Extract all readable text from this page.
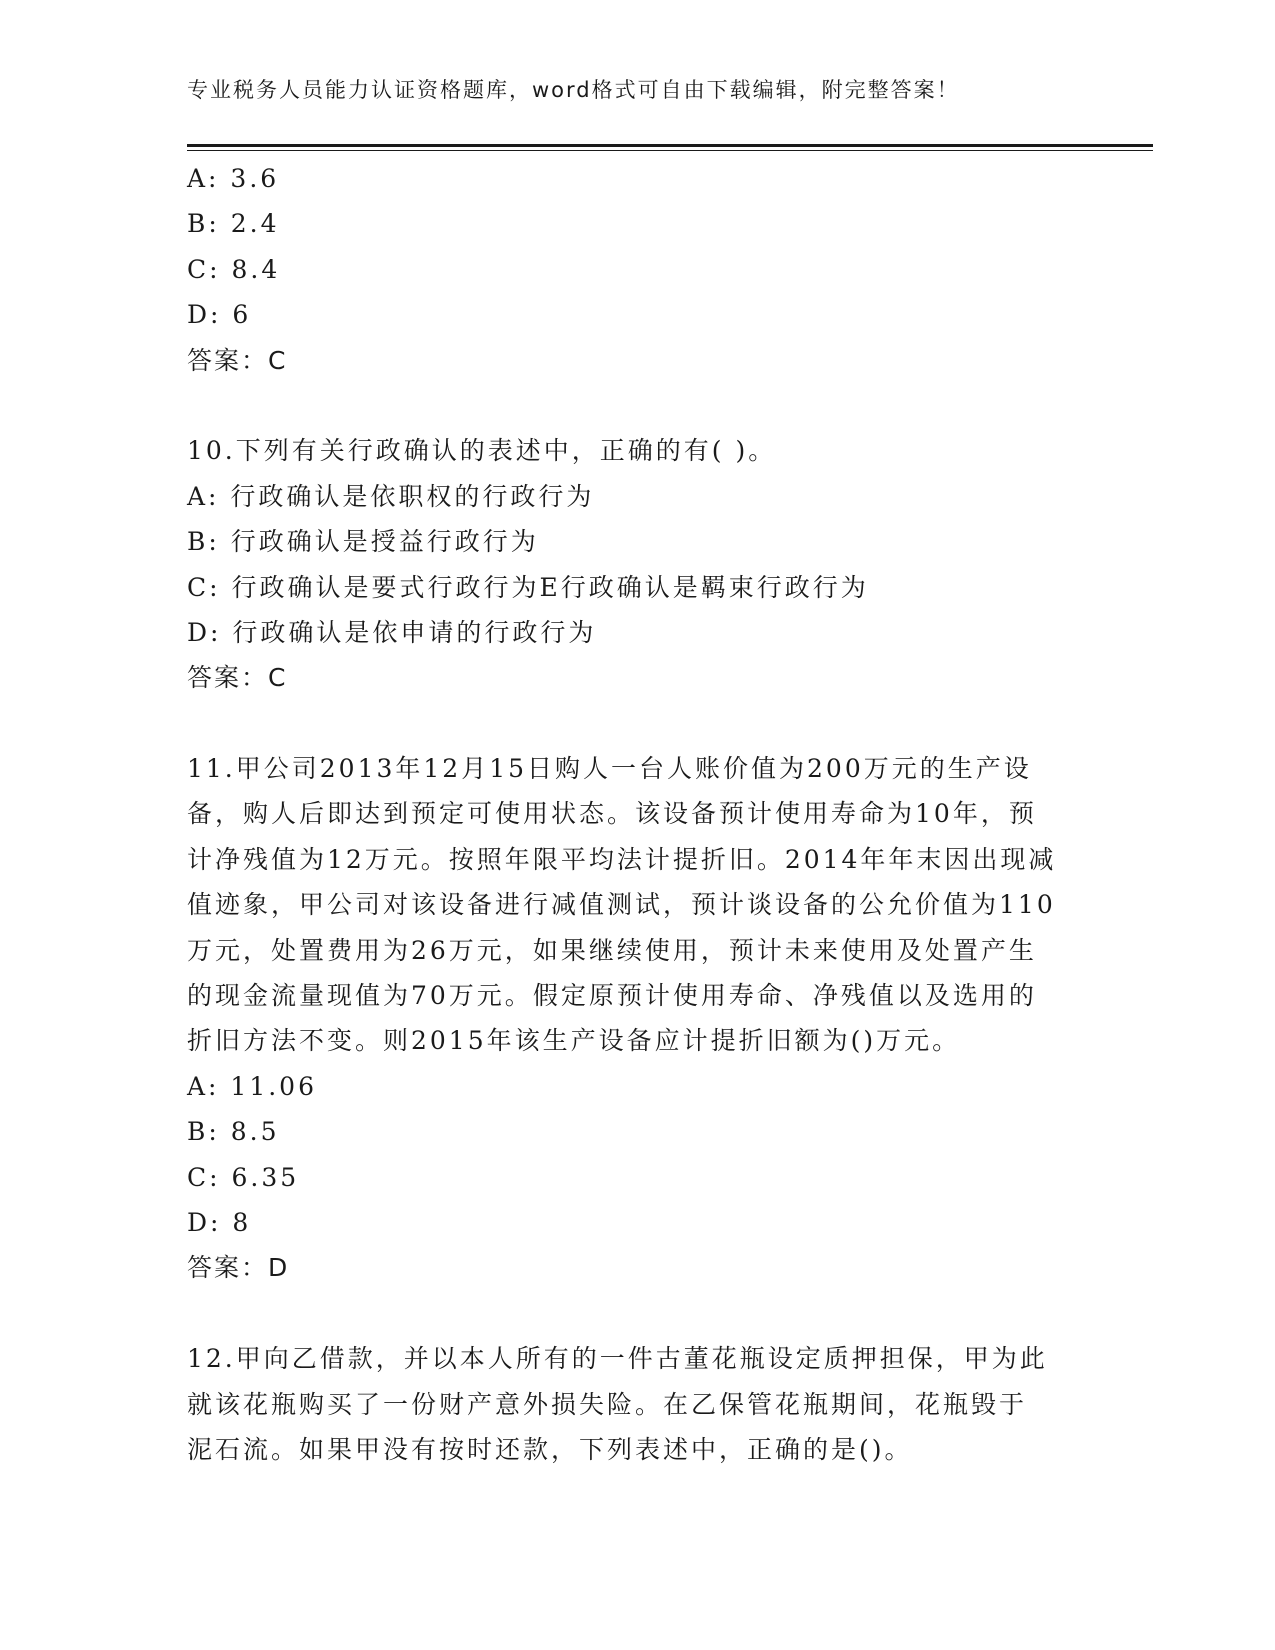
专业税务人员能力认证资格题库，word格式可自由下载编辑，附完整答案！
A: 3.6
B: 2.4
C: 8.4
D: 6
答案：C
10.下列有关行政确认的表述中，正确的有( )。
A: 行政确认是依职权的行政行为
B: 行政确认是授益行政行为
C: 行政确认是要式行政行为E行政确认是羁束行政行为
D: 行政确认是依申请的行政行为
答案：C
11.甲公司2013年12月15日购人一台人账价值为200万元的生产设
备，购人后即达到预定可使用状态。该设备预计使用寿命为10年，预
计净残值为12万元。按照年限平均法计提折旧。2014年年末因出现减
值迹象，甲公司对该设备进行减值测试，预计谈设备的公允价值为110
万元，处置费用为26万元，如果继续使用，预计未来使用及处置产生
的现金流量现值为70万元。假定原预计使用寿命、净残值以及选用的
折旧方法不变。则2015年该生产设备应计提折旧额为()万元。
A: 11.06
B: 8.5
C: 6.35
D: 8
答案：D
12.甲向乙借款，并以本人所有的一件古董花瓶设定质押担保，甲为此
就该花瓶购买了一份财产意外损失险。在乙保管花瓶期间，花瓶毁于
泥石流。如果甲没有按时还款，下列表述中，正确的是()。
